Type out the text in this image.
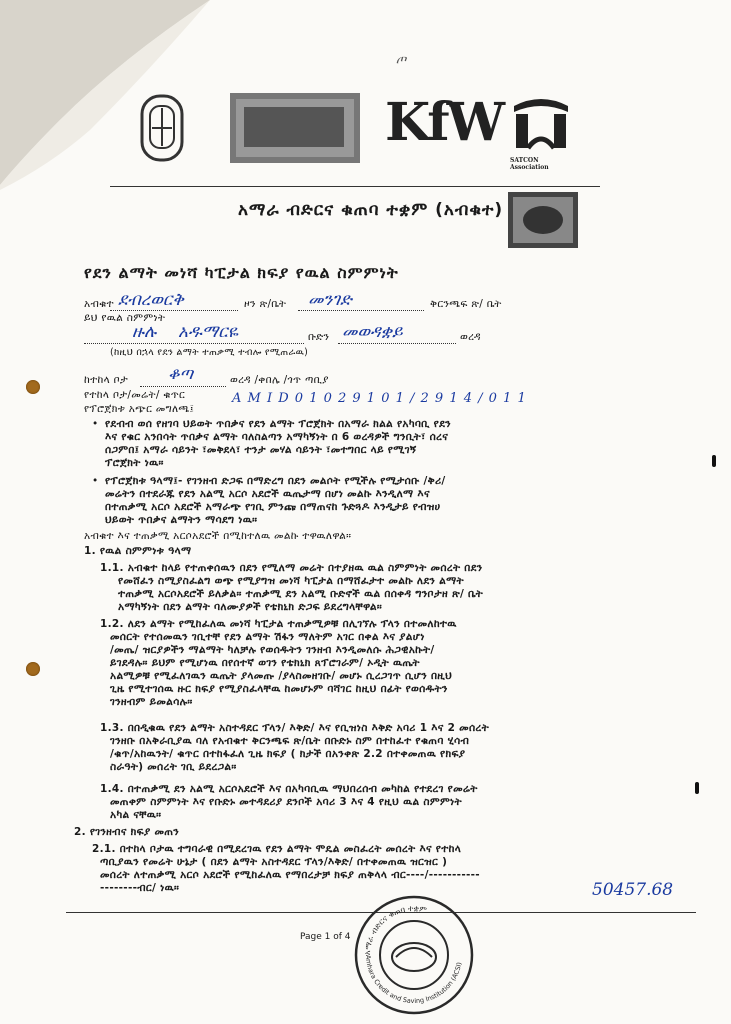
ጦ
KfW
SATCON
Association
አማራ ብድርና ቁጠባ ተቋም (አብቁተ)
የደን ልማት መነሻ ካፒታል ክፍያ የዉል ስምምነት
አብቁተ ደብረወርቅ	ዞን ጽ/ቤት መንገድ	ቅርንጫፍ ጽ/ ቤት
ይህ የዉል ስምምነት
ዙሉ አዱማርዬ	ቡድን መወዳቋይ	ወረዳ
(ከዚህ በኋላ የደን ልማት ተጠቃሚ ተብሎ የሚጠራዉ)
ከተከላ ቦታ ቆጣ	ወረዳ /ቀበሌ /ጎጥ ጣቢያ
የተከላ ቦታ/መሬት/ ቁጥር	A M I D 0 1 0 2 9 1 0 1 / 2 9 1 4 / 0 1 1
የፕሮጀክቱ አጭር መግለጫ፤
• የደብብ ወሰ የዘገባ ህይወት ጥበቃና የደን ልማት ፕሮጀክት በአማራ ክልል የአካባቢ የደን
እና የቁር አንበሳት ጥበቃና ልማት ባለስልጣን አማካኝነት በ 6 ወረዳዎች ግንቢት፣ ሰረና
ሰጋምበ፤ አማራ ሳይንት ፣መቅደላ፣ ተንታ መሃል ሳይንት ፣መተግበር ላይ የሚገኝ
ፕሮጀክት ነዉ።
• የፕሮጀክቱ ዓላማ፤- የገንዘብ ድጋፍ በማድረግ በደን መልሶት የሚችሉ የሚታሰቡ /ቅሪ/
መሬትን በተደራጁ የደን አልሚ አርሶ አደሮች ዉጤታማ በሆነ መልኩ እንዲለማ እና
በተጠቃሚ አርሶ አደሮች አማራጭ የገቢ ምንጩ በማጠናከ ጉድጓዶ እንዲታይ የብዝሀ
ህይወት ጥበቃና ልማትን ማሳደግ ነዉ።
አብቁተ እና ተጠቃሚ አርሶአደሮች በሚከተለዉ መልኩ ተዋዉለዋል።
1. የዉል ስምምነቱ ዓላማ
1.1. አብቁተ ከላይ የተጠቀሰዉን በደን የሚለማ መሬት በተያዘዉ ዉል ስምምነት መሰረት በደን
የመሸፈን ስሚያስፈልግ ወጭ የሚያግዝ መነሻ ካፒታል በማሸፈታተ መልኩ ለደን ልማት
ተጠቃሚ አርሶአደሮች ይለቃል። ተጠቃሚ ደን አልሚ ቡድኖች ዉል በሰቀዳ ግንቦታዘ ጽ/ ቤት
አማካኝነት በደን ልማት ባለሙያዎች የቴክኒክ ድጋፍ ይደረግላቸዋል።
1.2. ለደን ልማት የሚከፈለዉ መነሻ ካፒታል ተጠቃሚዎቹ በሊገኘሉ ፕላን በተመለከተዉ
መሰርት የተሰመዉን ገቢተቸ የደን ልማት ሽፋን ማለትም አገር በቀል እና ያልሆነ
/መጤ/ ዝርያዎችን ማልማት ካለቻሉ የወሰዱትን ገንዘብ እንዲመለሱ ሕጋዊአኩት/
ይገደዳሉ። ይህም የሚሆነዉ በየሰተኛ ወገን የቴክኒክ ጸፕሮገራም/ ኦዲት ዉጤት
አልሚዎቹ የሚፈለገዉን ዉጤት ያላመጡ /ያላስመዘገቡ/ መሆኑ ሲረጋገጥ ሲሆን በዚህ
ጊዜ የሚተገሰዉ ዙር ክፍያ የሚያስፈላቸዉ ከመሆኑም ባሻገር ከዚህ በፊት የወሰዱትን
ገንዘብም ይመልሳሉ።
1.3. በበዲቁዉ የደን ልማት አስተዳደር ፕላን/ እቅድ/ እና የቢዝነስ እቅድ አባሪ 1 እና 2 መሰረት
ገንዘቡ በአቅራቢያዉ ባለ የአብቁተ ቅርንጫፍ ጽ/ቤት በቡድኑ ስም በተከፈተ የቁጠባ ሂሳብ
/ቁጥ/አከዉንት/ ቁጥር በተከፋፈለ ጊዜ ክፍያ ( ክታች በአንቀጽ 2.2 በተቀመጠዉ የክፍያ
ስራዓት) መሰረት ገቢ ይደረጋል።
1.4. በተጠቃሚ ደን አልሚ አርሶአደሮች እና በአካባቢዉ ማህበረሰብ መካከል የተደረገ የመሬት
መጠቀም ስምምነት እና የቡድኑ መተዳደሪያ ደንቦች አባሪ 3 እና 4 የዚህ ዉል ስምምነት
አካል ናቸዉ።
2. የገንዘብና ክፍያ መጠን
2.1. በተከላ ቦታዉ ተግባራዊ በሚደረገዉ የደን ልማት ሞዴል መስፈረት መሰረት እና የተከላ
ጣቢያዉን የመሬት ሁኔታ ( በደን ልማት አስተዳደር ፕላን/እቅድ/ በተቀመጠዉ ዝርዝር )
መሰረት ለተጠቃሚ አርሶ አደሮች የሚከፈለዉ የማበረታቻ ክፍያ ጠቅላላ ብር----/-----------
--------ብር/ ነዉ።	50457.68
Page 1 of 4
አማራ ብድርና ቁጠባ ተቋም
Amhara Credit and Saving Institution (ACSI)
